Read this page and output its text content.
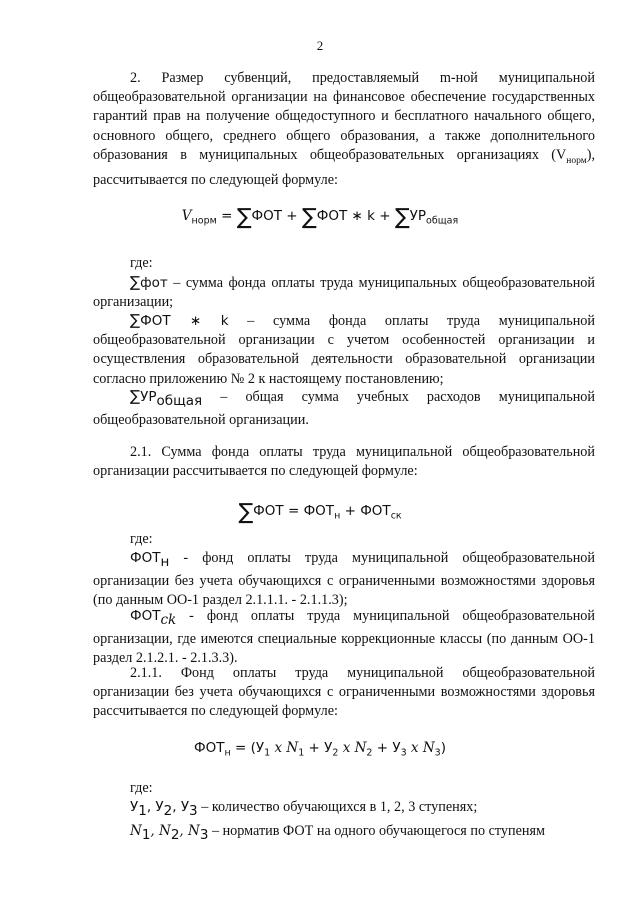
2

2. Размер субвенций, предоставляемый m-ной муниципальной общеобразовательной организации на финансовое обеспечение государственных гарантий прав на получение общедоступного и бесплатного начального общего, основного общего, среднего общего образования, а также дополнительного образования в муниципальных общеобразовательных организациях $(V_{норм})$, рассчитывается по следующей формуле:

$V_{норм} = \sum ФОТ + \sum ФОТ$ ∗ $k + \sum УР_{общая}$

где:

∑фот – сумма фонда оплаты труда муниципальных общеобразовательной организации;

∑ФОТ ∗ k – сумма фонда оплаты труда муниципальной общеобразовательной организации с учетом особенностей организации и осуществления образовательной деятельности образовательной организации согласно приложению № 2 к настоящему постановлению;

$\sum УР_{общая}$ – общая сумма учебных расходов муниципальной общеобразовательной организации.

2.1. Сумма фонда оплаты труда муниципальной общеобразовательной организации рассчитывается по следующей формуле:

$\sum ФОТ = ФОТ_н + ФОТ_{ск}$

где:

$ФОТ_н$ - фонд оплаты труда муниципальной общеобразовательной организации без учета обучающихся с ограниченными возможностями здоровья (по данным ОО-1 раздел 2.1.1.1. - 2.1.1.3);

$ФОТ_{ck}$ - фонд оплаты труда муниципальной общеобразовательной организации, где имеются специальные коррекционные классы (по данным ОО-1 раздел 2.1.2.1. - 2.1.3.3).

2.1.1. Фонд оплаты труда муниципальной общеобразовательной организации без учета обучающихся с ограниченными возможностями здоровья рассчитывается по следующей формуле:

$ФОТ_н = (У_1$ x $N_1 + У_2$ x $N_2 + У_3$ x $N_3$)

где:

$У_1$, $У_2$, $У_3$ – количество обучающихся в 1, 2, 3 ступенях;

$N_1$, $N_2$, $N_3$ – норматив ФОТ на одного обучающегося по ступеням
